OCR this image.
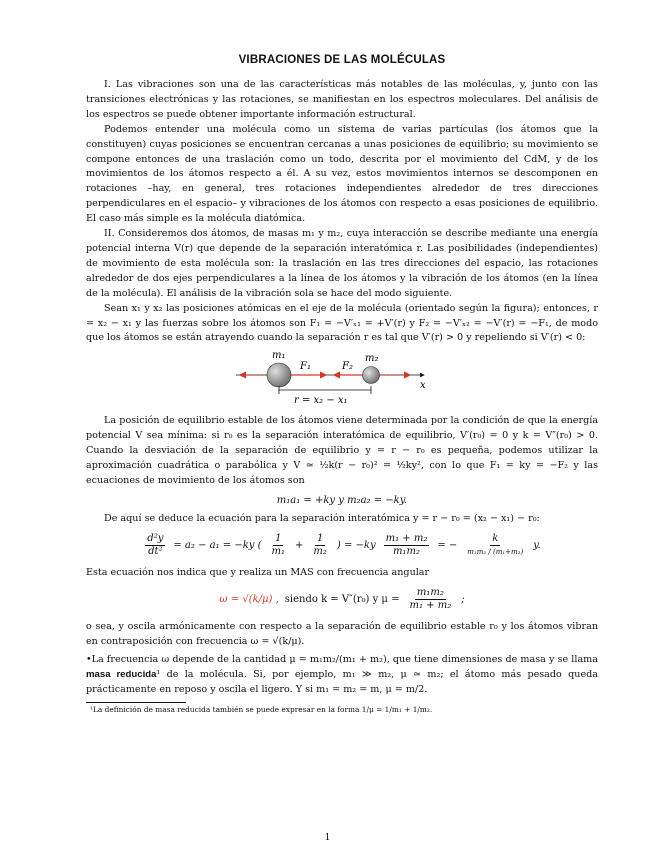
VIBRACIONES DE LAS MOLÉCULAS

I. Las vibraciones son una de las características más notables de las moléculas, y, junto con las transiciones electrónicas y las rotaciones, se manifiestan en los espectros moleculares. Del análisis de los espectros se puede obtener importante información estructural.

Podemos entender una molécula como un sistema de varias partículas (los átomos que la constituyen) cuyas posiciones se encuentran cercanas a unas posiciones de equilibrio; su movimiento se compone entonces de una traslación como un todo, descrita por el movimiento del CdM, y de los movimientos de los átomos respecto a él. A su vez, estos movimientos internos se descomponen en rotaciones –hay, en general, tres rotaciones independientes alrededor de tres direcciones perpendiculares en el espacio– y vibraciones de los átomos con respecto a esas posiciones de equilibrio. El caso más simple es la molécula diatómica.

II. Consideremos dos átomos, de masas m₁ y m₂, cuya interacción se describe mediante una energía potencial interna V(r) que depende de la separación interatómica r. Las posibilidades (independientes) de movimiento de esta molécula son: la traslación en las tres direcciones del espacio, las rotaciones alrededor de dos ejes perpendiculares a la línea de los átomos y la vibración de los átomos (en la línea de la molécula). El análisis de la vibración sola se hace del modo siguiente.

Sean x₁ y x₂ las posiciones atómicas en el eje de la molécula (orientado según la figura); entonces, r = x₂ − x₁ y las fuerzas sobre los átomos son F₁ = −V′ₓ₁ = +V′(r) y F₂ = −V′ₓ₂ = −V′(r) = −F₁, de modo que los átomos se están atrayendo cuando la separación r es tal que V′(r) > 0 y repeliendo si V′(r) < 0:

m₁	m₂
F₁	F₂
x
r = x₂ − x₁

La posición de equilibrio estable de los átomos viene determinada por la condición de que la energía potencial V sea mínima: si r₀ es la separación interatómica de equilibrio, V′(r₀) = 0 y k = V″(r₀) > 0. Cuando la desviación de la separación de equilibrio y = r − r₀ es pequeña, podemos utilizar la aproximación cuadrática o parabólica y V ≃ ½k(r − r₀)² = ½ky², con lo que F₁ = ky = −F₂ y las ecuaciones de movimiento de los átomos son

m₁a₁ = +ky y m₂a₂ = −ky.

De aquí se deduce la ecuación para la separación interatómica y = r − r₀ = (x₂ − x₁) − r₀:

$\frac{\text{d²y}}{\text{dt²}} = a_2 - a_1 = -ky$ ( $\frac{1}{\text{m₁}} + \frac{1}{\text{m₂}}$ ) = $-ky \frac{\text{m₁ + m₂}}{\text{m₁m₂}}$ = − $\frac{k}{\text{m₁m₂ / (m₁+m₂)}} y$.

Esta ecuación nos indica que y realiza un MAS con frecuencia angular

ω = √(k/μ) , siendo k = V″(r₀) y $\mu = \frac{\text{m₁m₂}}{\text{m₁ + m₂}}$ ;

o sea, y oscila armónicamente con respecto a la separación de equilibrio estable r₀ y los átomos vibran en contraposición con frecuencia ω = √(k/μ).

•La frecuencia ω depende de la cantidad μ = m₁m₂/(m₁ + m₂), que tiene dimensiones de masa y se llama masa reducida¹ de la molécula. Si, por ejemplo, m₁ ≫ m₂, μ ≃ m₂; el átomo más pesado queda prácticamente en reposo y oscila el ligero. Y si m₁ = m₂ = m, μ = m/2.

¹La definición de masa reducida también se puede expresar en la forma 1/μ = 1/m₁ + 1/m₂.
1
